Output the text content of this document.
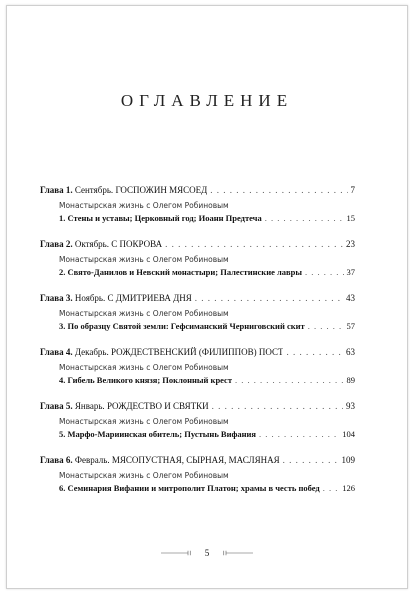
ОГЛАВЛЕНИЕ
Глава 1. Сентябрь. ГОСПОЖИН МЯСОЕД . . .	7
Монастырская жизнь с Олегом Робиновым
1. Стены и уставы; Церковный год; Иоанн Предтеча . . .	15
Глава 2. Октябрь. С ПОКРОВА . . .	23
Монастырская жизнь с Олегом Робиновым
2. Свято-Данилов и Невский монастыри; Палестинские лавры . . .	37
Глава 3. Ноябрь. С ДМИТРИЕВА ДНЯ . . .	43
Монастырская жизнь с Олегом Робиновым
3. По образцу Святой земли: Гефсиманский Черниговский скит . . .	57
Глава 4. Декабрь. РОЖДЕСТВЕНСКИЙ (ФИЛИППОВ) ПОСТ . . .	63
Монастырская жизнь с Олегом Робиновым
4. Гибель Великого князя; Поклонный крест . . .	89
Глава 5. Январь. РОЖДЕСТВО И СВЯТКИ . . .	93
Монастырская жизнь с Олегом Робиновым
5. Марфо-Мариинская обитель; Пустынь Вифания . . .	104
Глава 6. Февраль. МЯСОПУСТНАЯ, СЫРНАЯ, МАСЛЯНАЯ . . .	109
Монастырская жизнь с Олегом Робиновым
6. Семинария Вифании и митрополит Платон; храмы в честь побед . . .	126
5
